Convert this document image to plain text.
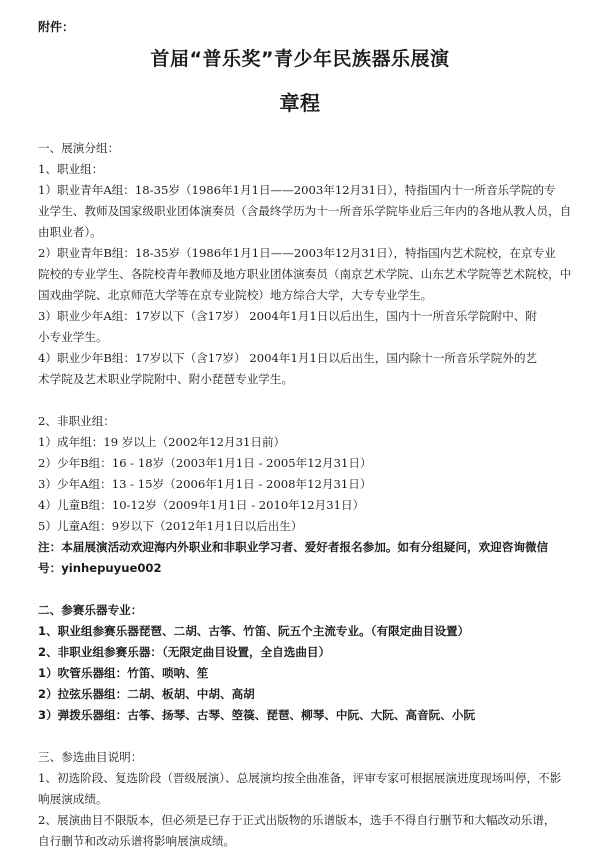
附件：
首届“普乐奖”青少年民族器乐展演
章程
一、展演分组：
1、职业组：
1）职业青年A组：18-35岁（1986年1月1日——2003年12月31日），特指国内十一所音乐学院的专
业学生、教师及国家级职业团体演奏员（含最终学历为十一所音乐学院毕业后三年内的各地从教人员，自
由职业者）。
2）职业青年B组：18-35岁（1986年1月1日——2003年12月31日），特指国内艺术院校，在京专业
院校的专业学生、各院校青年教师及地方职业团体演奏员（南京艺术学院、山东艺术学院等艺术院校，中
国戏曲学院、北京师范大学等在京专业院校）地方综合大学，大专专业学生。
3）职业少年A组：17岁以下（含17岁） 2004年1月1日以后出生，国内十一所音乐学院附中、附
小专业学生。
4）职业少年B组：17岁以下（含17岁） 2004年1月1日以后出生，国内除十一所音乐学院外的艺
术学院及艺术职业学院附中、附小琵琶专业学生。
2、非职业组：
1）成年组：19 岁以上（2002年12月31日前）
2）少年B组：16 - 18岁（2003年1月1日 - 2005年12月31日）
3）少年A组：13 - 15岁（2006年1月1日 - 2008年12月31日）
4）儿童B组：10-12岁（2009年1月1日 - 2010年12月31日）
5）儿童A组：9岁以下（2012年1月1日以后出生）
注：本届展演活动欢迎海内外职业和非职业学习者、爱好者报名参加。如有分组疑问，欢迎咨询微信
号：yinhepuyue002
二、参赛乐器专业：
1、职业组参赛乐器琵琶、二胡、古筝、竹笛、阮五个主流专业。（有限定曲目设置）
2、非职业组参赛乐器：（无限定曲目设置，全自选曲目）
1）吹管乐器组：竹笛、唢呐、笙
2）拉弦乐器组：二胡、板胡、中胡、高胡
3）弹拨乐器组：古筝、扬琴、古琴、箜篌、琵琶、柳琴、中阮、大阮、高音阮、小阮
三、参选曲目说明：
1、初选阶段、复选阶段（晋级展演）、总展演均按全曲准备，评审专家可根据展演进度现场叫停，不影
响展演成绩。
2、展演曲目不限版本，但必须是已存于正式出版物的乐谱版本，选手不得自行删节和大幅改动乐谱，
自行删节和改动乐谱将影响展演成绩。
